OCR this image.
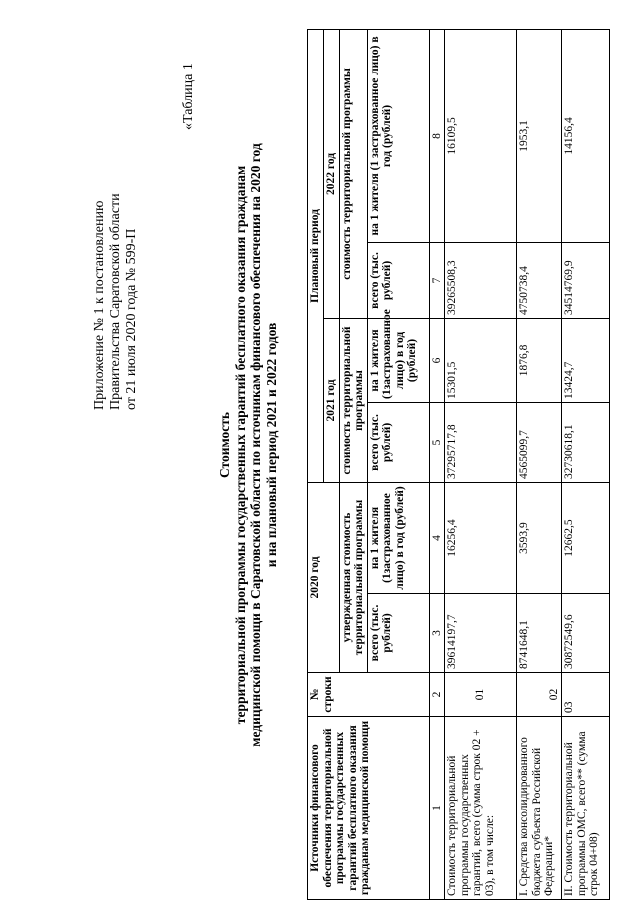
Приложение № 1 к постановлению Правительства Саратовской области от 21 июля 2020 года № 599-П
«Таблица 1
Стоимость территориальной программы государственных гарантий бесплатного оказания гражданам медицинской помощи в Саратовской области по источникам финансового обеспечения на 2020 год и на плановый период 2021 и 2022 годов
Источники финансового обеспечения территориальной программы государственных гарантий бесплатного оказания гражданам медицинской помощи	№ строки	2020 год		Плановый период			
				2021 год		2022 год	
		утвержденная стоимость территориальной программы		стоимость территориальной программы		стоимость территориальной программы	
		всего (тыс. рублей)	на 1 жителя (1застрахованное лицо) в год (рублей)	всего (тыс. рублей)	на 1 жителя (1застрахованное лицо) в год (рублей)	всего (тыс. рублей)	на 1 жителя (1 застрахованное лицо) в год (рублей)
1	2	3	4	5	6	7	8
Стоимость территориальной программы государственных гарантий, всего (сумма строк 02 + 03), в том числе:	01	39614197,7	16256,4	37295717,8	15301,5	39265508,3	16109,5
I. Средства консолидированного бюджета субъекта Российской Федерации*	02	8741648,1	3593,9	4565099,7	1876,8	4750738,4	1953,1
II. Стоимость территориальной программы ОМС, всего** (сумма строк 04+08)	03	30872549,6	12662,5	32730618,1	13424,7	34514769,9	14156,4
